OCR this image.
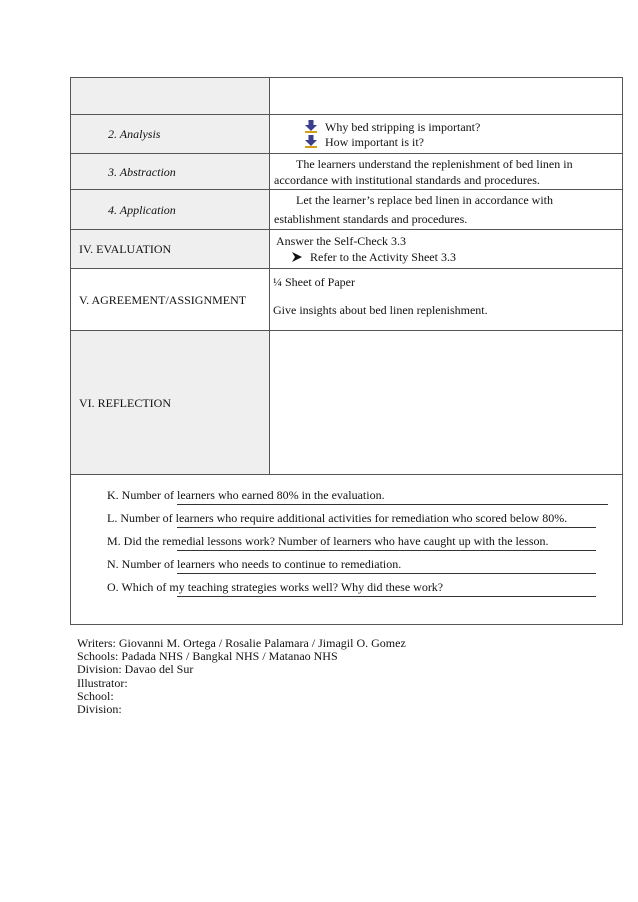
2. Analysis	Why bed stripping is important?
How important is it?

3. Abstraction	The learners understand the replenishment of bed linen in accordance with institutional standards and procedures.

4. Application	Let the learner’s replace bed linen in accordance with establishment standards and procedures.

IV. EVALUATION	Answer the Self-Check 3.3
Refer to the Activity Sheet 3.3

V. AGREEMENT/ASSIGNMENT	¼ Sheet of Paper
Give insights about bed linen replenishment.

VI. REFLECTION	

K. Number of learners who earned 80% in the evaluation.
L. Number of learners who require additional activities for remediation who scored below 80%.
M. Did the remedial lessons work? Number of learners who have caught up with the lesson.
N. Number of learners who needs to continue to remediation.
O. Which of my teaching strategies works well? Why did these work?	
Writers: Giovanni M. Ortega / Rosalie Palamara / Jimagil O. Gomez
Schools: Padada NHS / Bangkal NHS / Matanao NHS
Division: Davao del Sur
Illustrator:
School:
Division:
